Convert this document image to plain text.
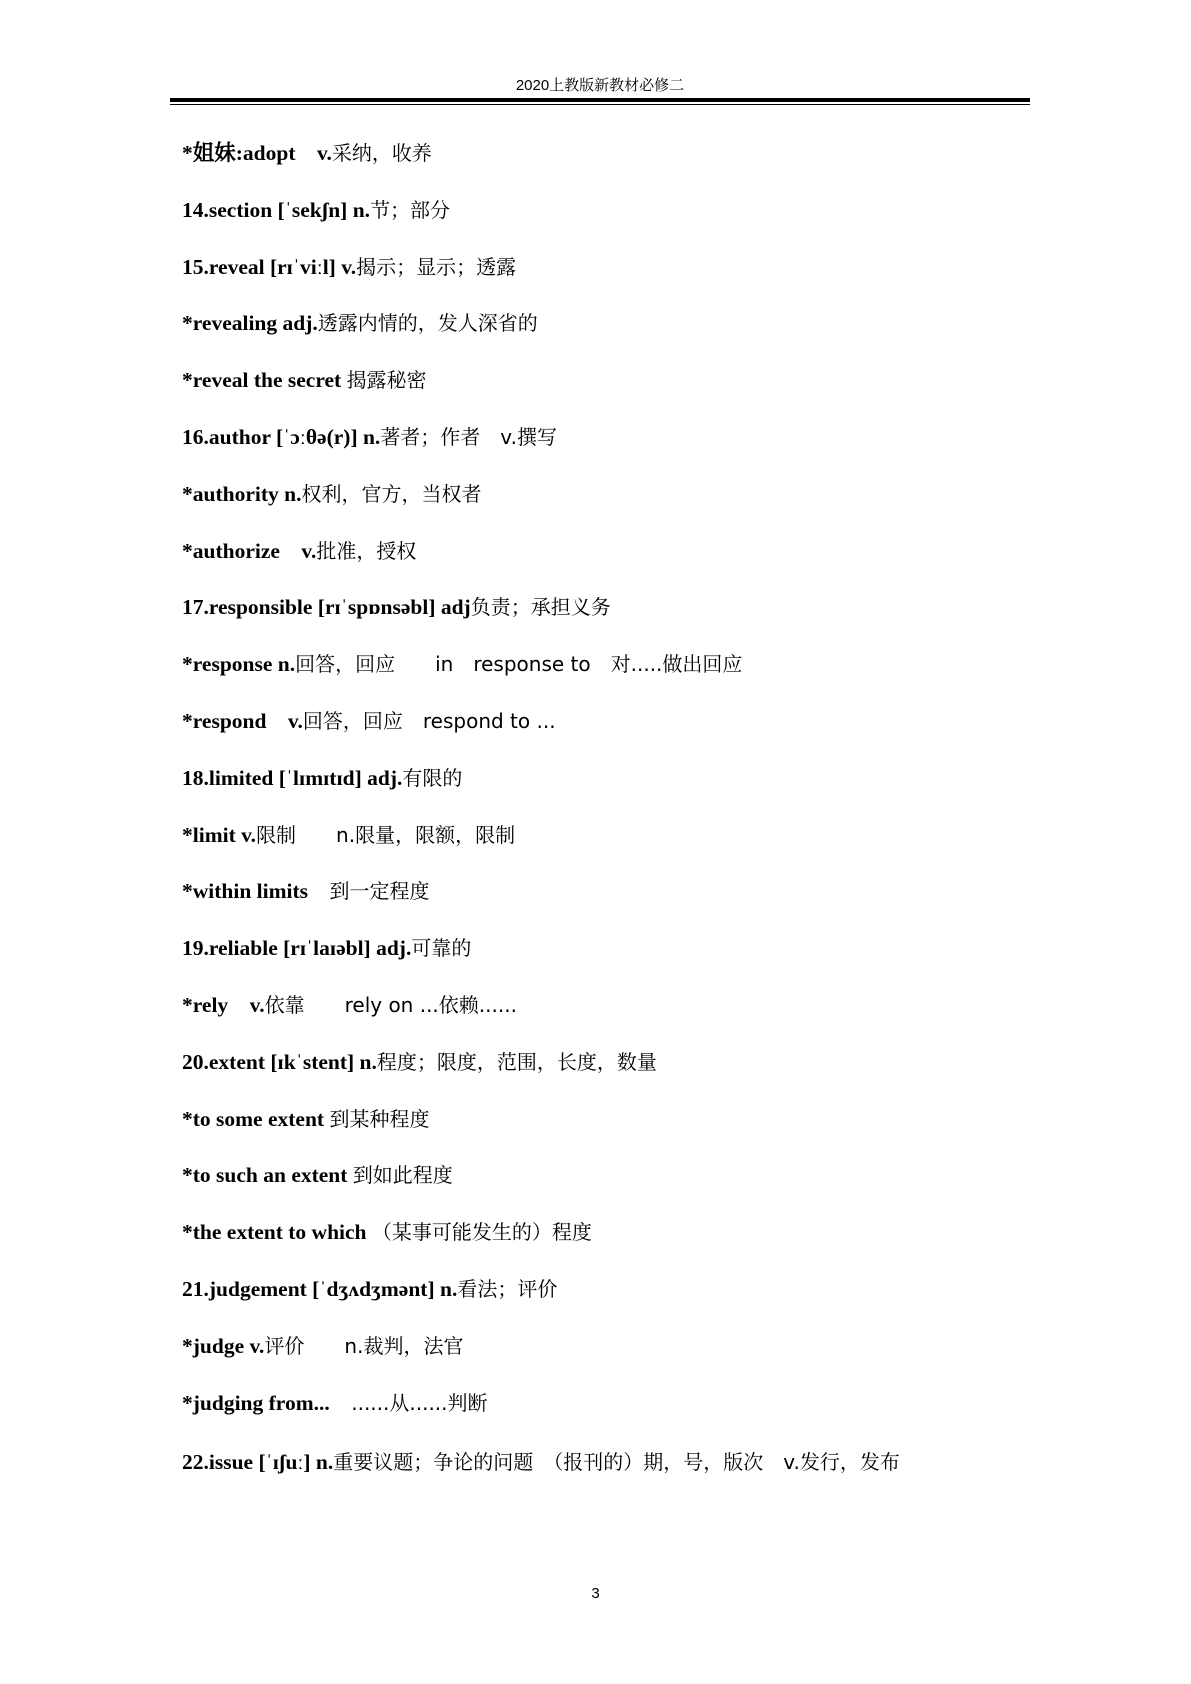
2020上教版新教材必修二
*姐妹:adopt　v.采纳，收养
14.section [ˈsekʃn] n.节；部分
15.reveal [rɪˈviːl] v.揭示；显示；透露
*revealing adj.透露内情的，发人深省的
*reveal the secret 揭露秘密
16.author [ˈɔːθə(r)] n.著者；作者　v.撰写
*authority n.权利，官方，当权者
*authorize　v.批准，授权
17.responsible [rɪˈspɒnsəbl] adj负责；承担义务
*response n.回答，回应　　in　response to　对.....做出回应
*respond　v.回答，回应　respond to ...
18.limited [ˈlɪmɪtɪd] adj.有限的
*limit v.限制　　n.限量，限额，限制
*within limits　到一定程度
19.reliable [rɪˈlaɪəbl] adj.可靠的
*rely　v.依靠　　rely on ...依赖......
20.extent [ɪkˈstent] n.程度；限度，范围，长度，数量
*to some extent 到某种程度
*to such an extent 到如此程度
*the extent to which （某事可能发生的）程度
21.judgement [ˈdʒʌdʒmənt] n.看法；评价
*judge v.评价　　n.裁判，法官
*judging from...　......从......判断
22.issue [ˈɪʃuː] n.重要议题；争论的问题　（报刊的）期，号，版次　v.发行，发布
3
